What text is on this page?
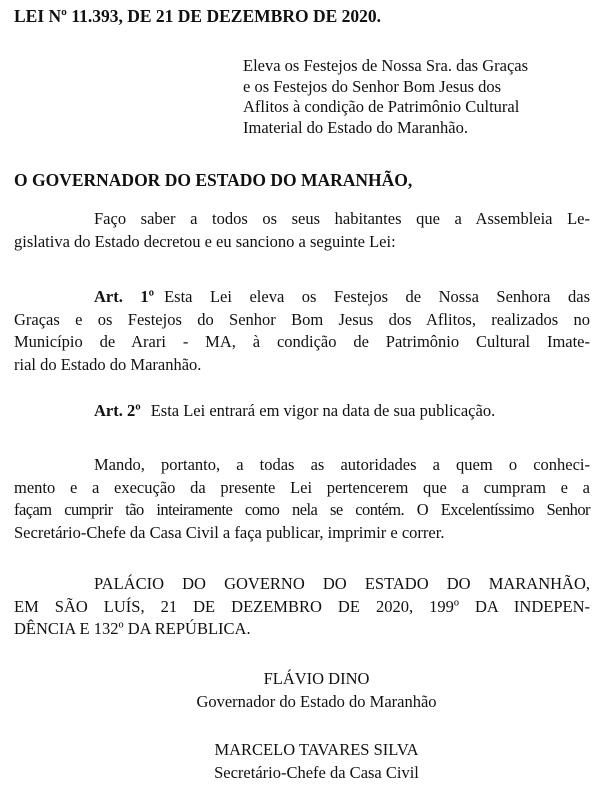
LEI Nº 11.393, DE 21 DE DEZEMBRO DE 2020.
Eleva os Festejos de Nossa Sra. das Graças
e os Festejos do Senhor Bom Jesus dos
Aflitos à condição de Patrimônio Cultural
Imaterial do Estado do Maranhão.
O GOVERNADOR DO ESTADO DO MARANHÃO,
Faço saber a todos os seus habitantes que a Assembleia Le-
gislativa do Estado decretou e eu sanciono a seguinte Lei:
Art. 1º Esta Lei eleva os Festejos de Nossa Senhora das
Graças e os Festejos do Senhor Bom Jesus dos Aflitos, realizados no
Município de Arari - MA, à condição de Patrimônio Cultural Imate-
rial do Estado do Maranhão.
Art. 2º Esta Lei entrará em vigor na data de sua publicação.
Mando, portanto, a todas as autoridades a quem o conheci-
mento e a execução da presente Lei pertencerem que a cumpram e a
façam cumprir tão inteiramente como nela se contém. O Excelentíssimo Senhor
Secretário-Chefe da Casa Civil a faça publicar, imprimir e correr.
PALÁCIO DO GOVERNO DO ESTADO DO MARANHÃO,
EM SÃO LUÍS, 21 DE DEZEMBRO DE 2020, 199º DA INDEPEN-
DÊNCIA E 132º DA REPÚBLICA.
FLÁVIO DINO
Governador do Estado do Maranhão
MARCELO TAVARES SILVA
Secretário-Chefe da Casa Civil
